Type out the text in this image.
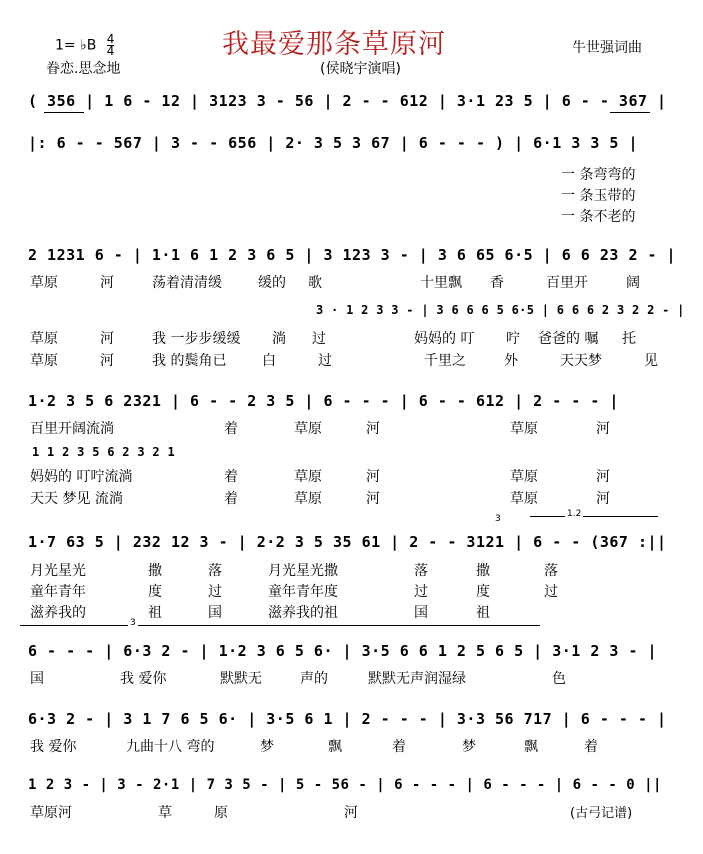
1= ♭B $\frac{4}{4}$
眷恋.思念地
我最爱那条草原河
(侯晓宇演唱)
牛世强词曲
( 356 | 1 6 - 12 | 3123 3 - 56 | 2 - - 612 | 3·1 23 5 | 6 - - 367 |
|: 6 - - 567 | 3 - - 656 | 2· 3 5 3 67 | 6 - - - ) | 6·1 3 3 5 |
一 条弯弯的
一 条玉带的
一 条不老的
2 1231 6 - | 1·1 6 1 2 3 6 5 | 3 123 3 - | 3 6 65 6·5 | 6 6 23 2 - |
草原	河	荡着清清缓	缓的 歌	十里飘 香	百里开	阔
3 · 1 2 3 3 - | 3 6 6 6 5 6·5 | 6 6 6 2 3 2 2 - |
草原	河	我 一步步缓缓 淌 过	妈妈的 叮 咛 爸爸的 嘱 托
草原	河	我 的鬓角已	白	过	千里之	外	天天梦	见
1·2 3 5 6 2321 | 6 - - 2 3 5 | 6 - - - | 6 - - 612 | 2 - - - |
百里开阔流淌	着	草原	河	草原	河
1 1 2 3 5 6 2 3 2 1
妈妈的 叮咛流淌	着	草原	河	草原	河
天天 梦见 流淌	着	草原	河	草原	河
1.2
3
1·7 63 5 | 232 12 3 - | 2·2 3 5 35 61 | 2 - - 3121 | 6 - - (367 :||
月光星光	撒	落	月光星光撒	落	撒	落
童年青年	度	过	童年青年度	过	度	过
滋养我的	祖	国	滋养我的祖	国	祖
3
6 - - - | 6·3 2 - | 1·2 3 6 5 6· | 3·5 6 6 1 2 5 6 5 | 3·1 2 3 - |
国	我 爱你	默默无	声的	默默无声润湿绿	色
6·3 2 - | 3 1 7 6 5 6· | 3·5 6 1 | 2 - - - | 3·3 56 717 | 6 - - - |
我 爱你	九曲十八 弯的	梦	飘	着	梦	飘	着
1 2 3 - | 3 - 2·1 | 7 3 5 - | 5 - 56 - | 6 - - - | 6 - - - | 6 - - 0 ||
草原河	草	原	河	(古弓记谱)
